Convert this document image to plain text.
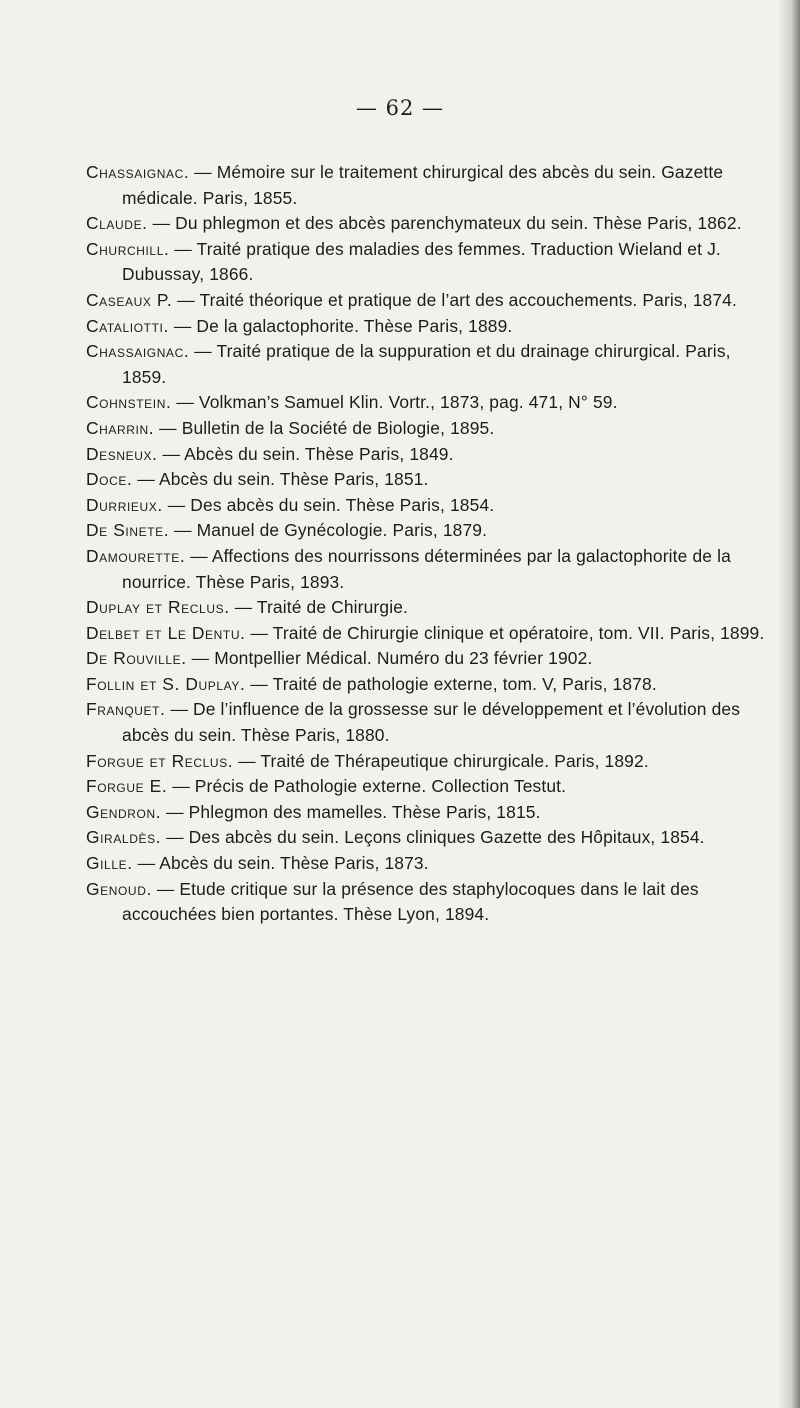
— 62 —
Chassaignac. — Mémoire sur le traitement chirurgical des abcès du sein. Gazette médicale. Paris, 1855.
Claude. — Du phlegmon et des abcès parenchymateux du sein. Thèse Paris, 1862.
Churchill. — Traité pratique des maladies des femmes. Traduction Wieland et J. Dubussay, 1866.
Caseaux P. — Traité théorique et pratique de l’art des accouchements. Paris, 1874.
Cataliotti. — De la galactophorite. Thèse Paris, 1889.
Chassaignac. — Traité pratique de la suppuration et du drainage chirurgical. Paris, 1859.
Cohnstein. — Volkman’s Samuel Klin. Vortr., 1873, pag. 471, N° 59.
Charrin. — Bulletin de la Société de Biologie, 1895.
Desneux. — Abcès du sein. Thèse Paris, 1849.
Doce. — Abcès du sein. Thèse Paris, 1851.
Durrieux. — Des abcès du sein. Thèse Paris, 1854.
De Sinete. — Manuel de Gynécologie. Paris, 1879.
Damourette. — Affections des nourrissons déterminées par la galactophorite de la nourrice. Thèse Paris, 1893.
Duplay et Reclus. — Traité de Chirurgie.
Delbet et Le Dentu. — Traité de Chirurgie clinique et opératoire, tom. VII. Paris, 1899.
De Rouville. — Montpellier Médical. Numéro du 23 février 1902.
Follin et S. Duplay. — Traité de pathologie externe, tom. V, Paris, 1878.
Franquet. — De l’influence de la grossesse sur le développement et l’évolution des abcès du sein. Thèse Paris, 1880.
Forgue et Reclus. — Traité de Thérapeutique chirurgicale. Paris, 1892.
Forgue E. — Précis de Pathologie externe. Collection Testut.
Gendron. — Phlegmon des mamelles. Thèse Paris, 1815.
Giraldès. — Des abcès du sein. Leçons cliniques Gazette des Hôpitaux, 1854.
Gille. — Abcès du sein. Thèse Paris, 1873.
Genoud. — Etude critique sur la présence des staphylocoques dans le lait des accouchées bien portantes. Thèse Lyon, 1894.
